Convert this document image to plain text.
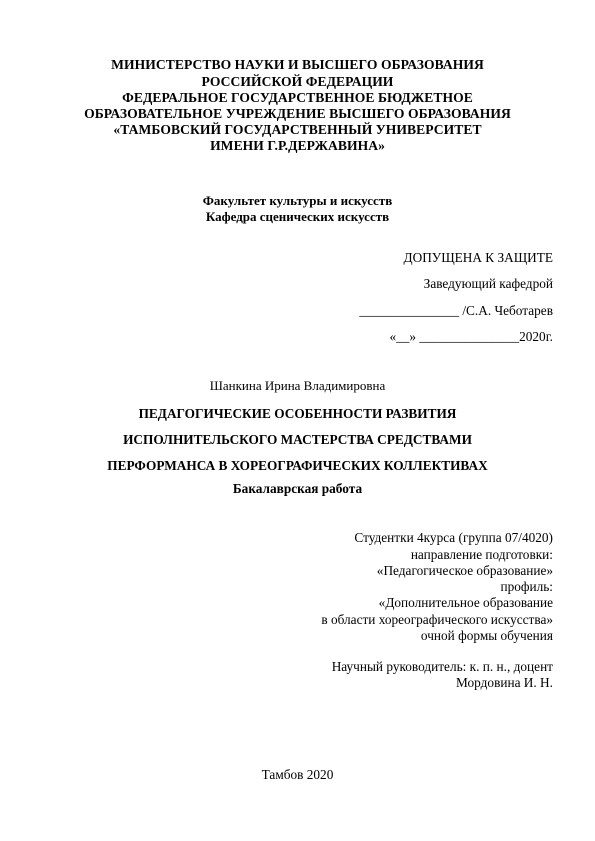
МИНИСТЕРСТВО НАУКИ И ВЫСШЕГО ОБРАЗОВАНИЯ
РОССИЙСКОЙ ФЕДЕРАЦИИ
ФЕДЕРАЛЬНОЕ ГОСУДАРСТВЕННОЕ БЮДЖЕТНОЕ
ОБРАЗОВАТЕЛЬНОЕ УЧРЕЖДЕНИЕ ВЫСШЕГО ОБРАЗОВАНИЯ
«ТАМБОВСКИЙ ГОСУДАРСТВЕННЫЙ УНИВЕРСИТЕТ
ИМЕНИ Г.Р.ДЕРЖАВИНА»
Факультет культуры и искусств
Кафедра сценических искусств
ДОПУЩЕНА К ЗАЩИТЕ
Заведующий кафедрой
_______________ /С.А. Чеботарев
«__» _______________2020г.
Шанкина Ирина Владимировна
ПЕДАГОГИЧЕСКИЕ ОСОБЕННОСТИ РАЗВИТИЯ
ИСПОЛНИТЕЛЬСКОГО МАСТЕРСТВА СРЕДСТВАМИ
ПЕРФОРМАНСА В ХОРЕОГРАФИЧЕСКИХ КОЛЛЕКТИВАХ
Бакалаврская работа
Студентки 4курса (группа 07/4020)
направление подготовки:
«Педагогическое образование»
профиль:
«Дополнительное образование
в области хореографического искусства»
очной формы обучения
Научный руководитель: к. п. н., доцент
Мордовина И. Н.
Тамбов 2020
